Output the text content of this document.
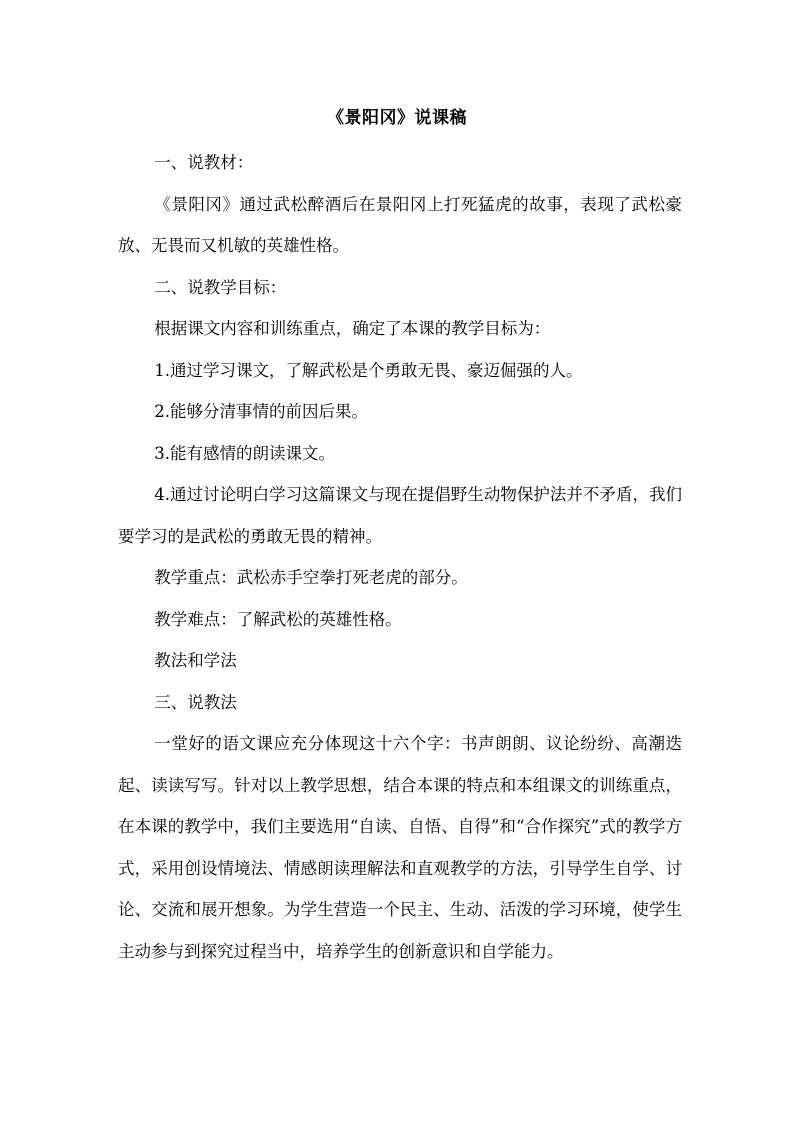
《景阳冈》说课稿

一、说教材：

《景阳冈》通过武松醉酒后在景阳冈上打死猛虎的故事，表现了武松豪放、无畏而又机敏的英雄性格。

二、说教学目标：

根据课文内容和训练重点，确定了本课的教学目标为：

1.通过学习课文，了解武松是个勇敢无畏、豪迈倔强的人。

2.能够分清事情的前因后果。

3.能有感情的朗读课文。

4.通过讨论明白学习这篇课文与现在提倡野生动物保护法并不矛盾，我们要学习的是武松的勇敢无畏的精神。

教学重点：武松赤手空拳打死老虎的部分。

教学难点：了解武松的英雄性格。

教法和学法

三、说教法

一堂好的语文课应充分体现这十六个字：书声朗朗、议论纷纷、高潮迭起、读读写写。针对以上教学思想，结合本课的特点和本组课文的训练重点，在本课的教学中，我们主要选用“自读、自悟、自得”和“合作探究”式的教学方式，采用创设情境法、情感朗读理解法和直观教学的方法，引导学生自学、讨论、交流和展开想象。为学生营造一个民主、生动、活泼的学习环境，使学生主动参与到探究过程当中，培养学生的创新意识和自学能力。
